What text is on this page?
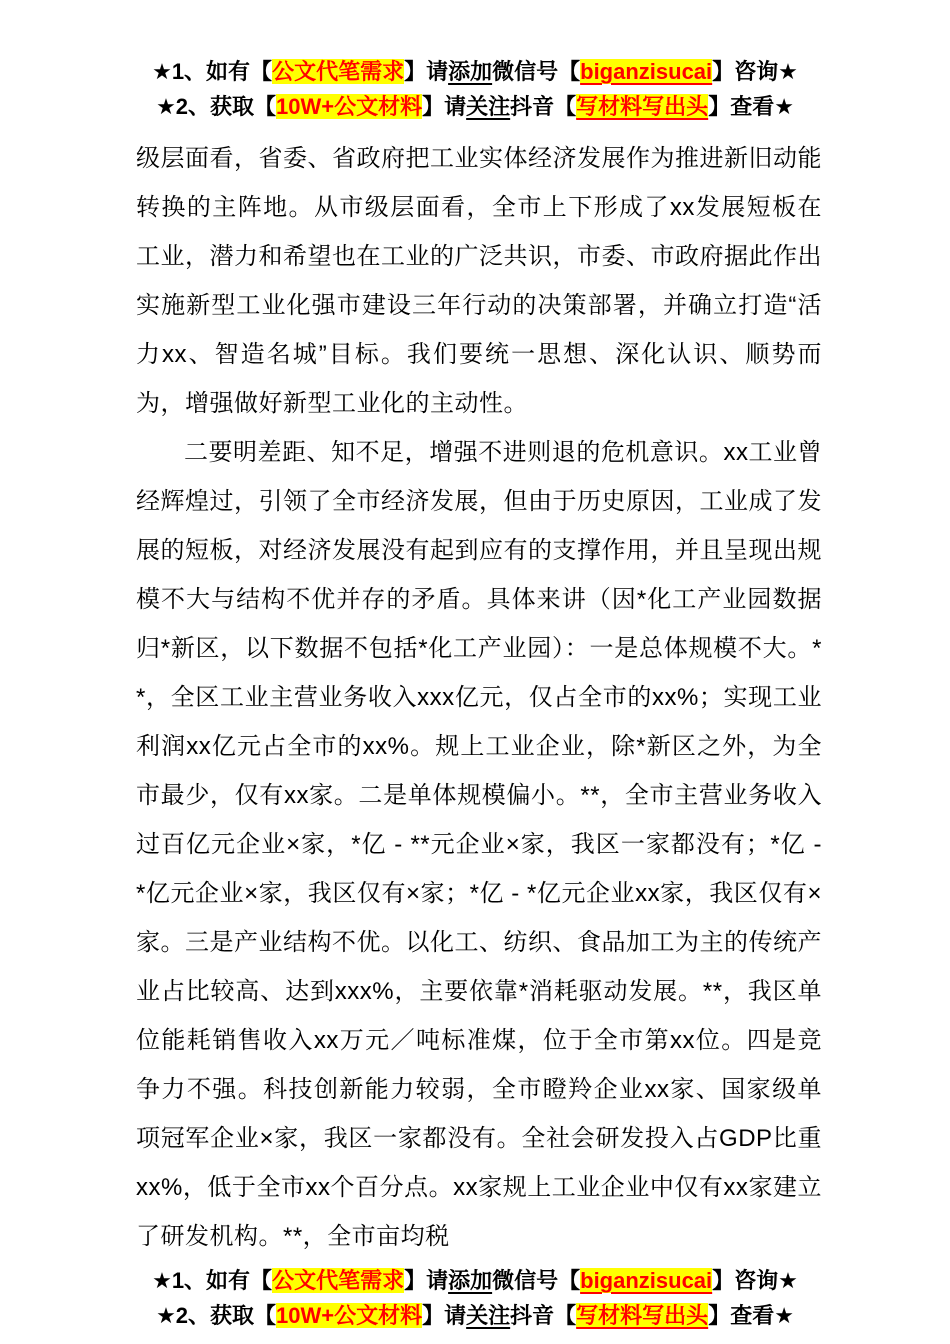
★1、如有【公文代笔需求】请添加微信号【biganzisucai】咨询★
★2、获取【10W+公文材料】请关注抖音【写材料写出头】查看★

级层面看，省委、省政府把工业实体经济发展作为推进新旧动能转换的主阵地。从市级层面看，全市上下形成了xx发展短板在工业，潜力和希望也在工业的广泛共识，市委、市政府据此作出实施新型工业化强市建设三年行动的决策部署，并确立打造“活力xx、智造名城”目标。我们要统一思想、深化认识、顺势而为，增强做好新型工业化的主动性。

二要明差距、知不足，增强不进则退的危机意识。xx工业曾经辉煌过，引领了全市经济发展，但由于历史原因，工业成了发展的短板，对经济发展没有起到应有的支撑作用，并且呈现出规模不大与结构不优并存的矛盾。具体来讲（因*化工产业园数据归*新区，以下数据不包括*化工产业园）：一是总体规模不大。**，全区工业主营业务收入xxx亿元，仅占全市的xx%；实现工业利润xx亿元占全市的xx%。规上工业企业，除*新区之外，为全市最少，仅有xx家。二是单体规模偏小。**，全市主营业务收入过百亿元企业×家，*亿 - **元企业×家，我区一家都没有；*亿 - *亿元企业×家，我区仅有×家；*亿 - *亿元企业xx家，我区仅有×家。三是产业结构不优。以化工、纺织、食品加工为主的传统产业占比较高、达到xxx%，主要依靠*消耗驱动发展。**，我区单位能耗销售收入xx万元／吨标准煤，位于全市第xx位。四是竞争力不强。科技创新能力较弱，全市瞪羚企业xx家、国家级单项冠军企业×家，我区一家都没有。全社会研发投入占GDP比重xx%，低于全市xx个百分点。xx家规上工业企业中仅有xx家建立了研发机构。**，全市亩均税

★1、如有【公文代笔需求】请添加微信号【biganzisucai】咨询★
★2、获取【10W+公文材料】请关注抖音【写材料写出头】查看★
